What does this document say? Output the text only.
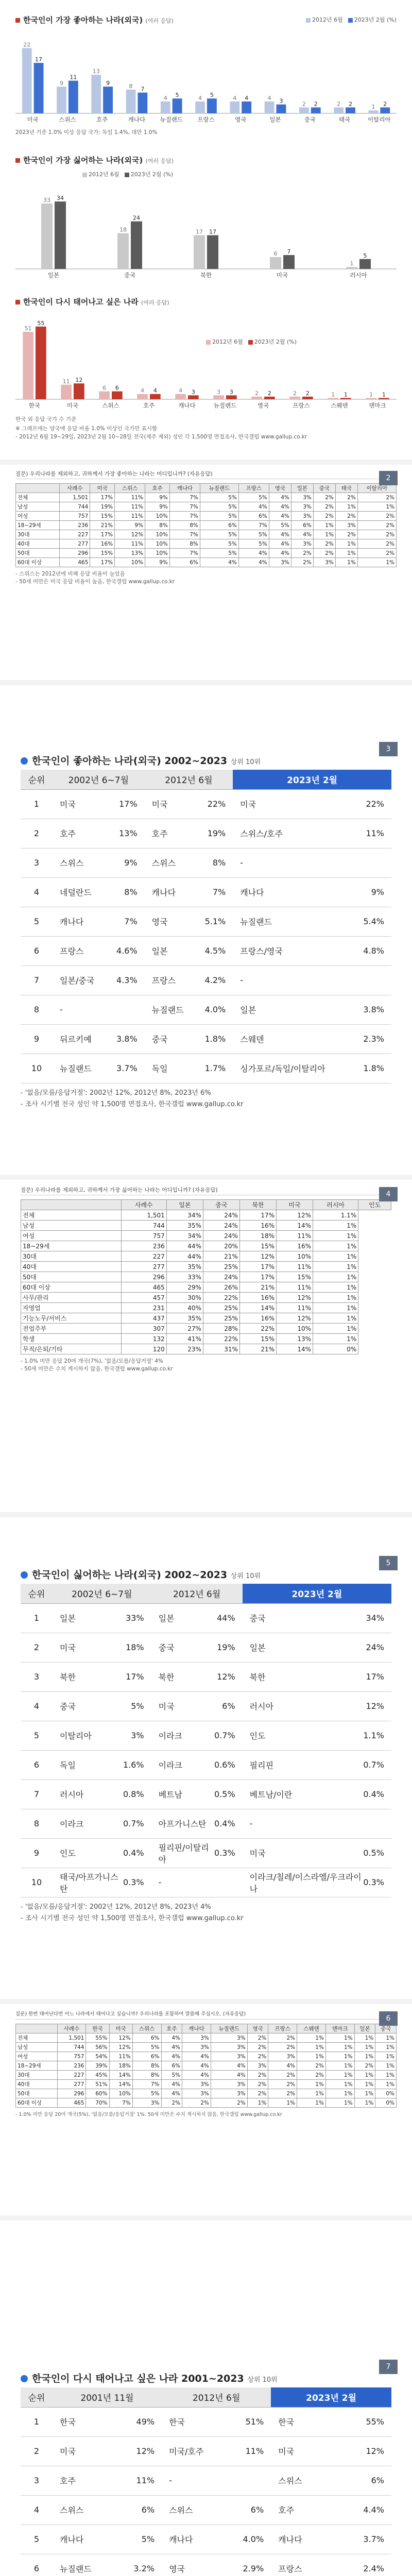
한국인이 가장 좋아하는 나라(외국) (여러 응답)	2012년 6월 2023년 2월 (%)
22
17
미국
9
11
스위스
13
9
호주
8 7
캐나다
4 5
뉴질랜드
4 5
프랑스
4 4
영국
4 3
일본
2 2
중국
2 2
태국
1 2
이탈리아
2023년 기준 1.0% 이상 응답 국가: 독일 1.4%, 대만 1.0%
한국인이 가장 싫어하는 나라(외국) (여러 응답)
2012년 6월 2023년 2월 (%)
33 34
일본
18
24
중국
17 17
북한
6 7
미국
1
5
러시아
한국인이 다시 태어나고 싶은 나라 (여러 응답)
2012년 6월 2023년 2월 (%)
51
55
한국
11 12
미국
6 6
스위스
4 4
호주
4 3
캐나다
3 3
뉴질랜드
2 2
영국
2 2
프랑스
1 1
스웨덴
1 1
덴마크
한국 외 응답 국가 수 기준
※ 그래프에는 양국에 응답 비율 1.0% 이상인 국가만 표시함
- 2012년 6월 19~29일, 2023년 2월 10~28일 전국(제주 제외) 성인 각 1,500명 면접조사, 한국갤럽 www.gallup.co.kr
2
질문) 우리나라를 제외하고, 귀하께서 가장 좋아하는 나라는 어디입니까? (자유응답)
	사례수	미국	스위스	호주	캐나다	뉴질랜드	프랑스	영국	일본	중국	태국	이탈리아
전체	1,501	17%	11%	9%	7%	5%	5%	4%	3%	2%	2%	2%
남성	744	19%	11%	9%	7%	5%	4%	4%	3%	2%	1%	1%
여성	757	15%	11%	10%	7%	5%	6%	4%	3%	2%	2%	2%
18~29세	236	21%	9%	8%	8%	6%	7%	5%	6%	1%	3%	2%
30대	227	17%	12%	10%	7%	5%	5%	4%	4%	1%	2%	2%
40대	277	16%	11%	10%	8%	5%	5%	4%	3%	2%	1%	2%
50대	296	15%	13%	10%	7%	5%	4%	4%	2%	2%	1%	2%
60대 이상	465	17%	10%	9%	6%	4%	4%	3%	2%	3%	1%	1%
- 스위스는 2012년에 비해 응답 비율이 늘었음
- 50세 미만은 미국 응답 비율이 높음, 한국갤럽 www.gallup.co.kr
3
한국인이 좋아하는 나라(외국) 2002~2023 상위 10위
순위	2002년 6~7월		2012년 6월		2023년 2월	
1	미국	17%	미국	22%	미국	22%
2	호주	13%	호주	19%	스위스/호주	11%
3	스위스	9%	스위스	8%	-	
4	네덜란드	8%	캐나다	7%	캐나다	9%
5	캐나다	7%	영국	5.1%	뉴질랜드	5.4%
6	프랑스	4.6%	일본	4.5%	프랑스/영국	4.8%
7	일본/중국	4.3%	프랑스	4.2%	-	
8	-		뉴질랜드	4.0%	일본	3.8%
9	뒤르키예	3.8%	중국	1.8%	스웨덴	2.3%
10	뉴질랜드	3.7%	독일	1.7%	싱가포르/독일/이탈리아	1.8%
- '없음/모름/응답거절': 2002년 12%, 2012년 8%, 2023년 6%
- 조사 시기별 전국 성인 약 1,500명 면접조사, 한국갤럽 www.gallup.co.kr
4
질문) 우리나라를 제외하고, 귀하께서 가장 싫어하는 나라는 어디입니까? (자유응답)
	사례수	일본	중국	북한	미국	러시아	인도
전체	1,501	34%	24%	17%	12%	1.1%	
남성	744	35%	24%	16%	14%	1%	
여성	757	34%	24%	18%	11%	1%	
18~29세	236	44%	20%	15%	16%	1%	
30대	227	44%	21%	12%	10%	1%	
40대	277	35%	25%	17%	11%	1%	
50대	296	33%	24%	17%	15%	1%	
60대 이상	465	29%	26%	21%	11%	1%	
사무/관리	457	30%	22%	16%	12%	1%	
자영업	231	40%	25%	14%	11%	1%	
기능노무/서비스	437	35%	25%	16%	12%	1%	
전업주부	307	27%	28%	22%	10%	1%	
학생	132	41%	22%	15%	13%	1%	
무직/은퇴/기타	120	23%	31%	21%	14%	0%	
- 1.0% 미만 응답 20여 개국(7%), '없음/모름/응답거절' 4%
- 50세 미만은 수치 게시하지 않음, 한국갤럽 www.gallup.co.kr
5
한국인이 싫어하는 나라(외국) 2002~2023 상위 10위
순위	2002년 6~7월		2012년 6월		2023년 2월	
1	일본	33%	일본	44%	중국	34%
2	미국	18%	중국	19%	일본	24%
3	북한	17%	북한	12%	북한	17%
4	중국	5%	미국	6%	러시아	12%
5	이탈리아	3%	이라크	0.7%	인도	1.1%
6	독일	1.6%	이라크	0.6%	필리핀	0.7%
7	러시아	0.8%	베트남	0.5%	베트남/이란	0.4%
8	이라크	0.7%	아프가니스탄	0.4%	-	
9	인도	0.4%	필리핀/이탈리아	0.3%	미국	0.5%
10	태국/아프가니스탄	0.3%	-		이라크/칠레/이스라엘/우크라이나	0.3%
- '없음/모름/응답거절': 2002년 12%, 2012년 8%, 2023년 4%
- 조사 시기별 전국 성인 약 1,500명 면접조사, 한국갤럽 www.gallup.co.kr
6
질문) 한번 태어난다면 어느 나라에서 태어나고 싶습니까? 우리나라를 포함하여 말씀해 주십시오. (자유응답)
	사례수	한국	미국	스위스	호주	캐나다	뉴질랜드	영국	프랑스	스웨덴	덴마크	일본	중국
전체	1,501	55%	12%	6%	4%	3%	3%	2%	2%	1%	1%	1%	1%
남성	744	56%	12%	5%	4%	3%	3%	2%	2%	1%	1%	1%	1%
여성	757	54%	11%	6%	4%	4%	3%	2%	3%	1%	1%	1%	1%
18~29세	236	39%	18%	8%	6%	4%	4%	3%	4%	2%	1%	2%	1%
30대	227	45%	14%	8%	5%	4%	4%	2%	2%	2%	1%	1%	1%
40대	277	51%	14%	7%	4%	3%	3%	2%	2%	1%	1%	1%	1%
50대	296	60%	10%	5%	4%	3%	3%	2%	2%	1%	1%	1%	0%
60대 이상	465	70%	7%	3%	2%	2%	2%	1%	1%	1%	1%	1%	0%
- 1.0% 미만 응답 20여 개국(5%), '없음/모름/응답거절' 1%. 50세 미만은 수치 게시하지 않음, 한국갤럽 www.gallup.co.kr
7
한국인이 다시 태어나고 싶은 나라 2001~2023 상위 10위
순위	2001년 11월		2012년 6월		2023년 2월	
1	한국	49%	한국	51%	한국	55%
2	미국	12%	미국/호주	11%	미국	12%
3	호주	11%	-		스위스	6%
4	스위스	6%	스위스	6%	호주	4.4%
5	캐나다	5%	캐나다	4.0%	캐나다	3.7%
6	뉴질랜드	3.2%	영국	2.9%	프랑스	2.4%
